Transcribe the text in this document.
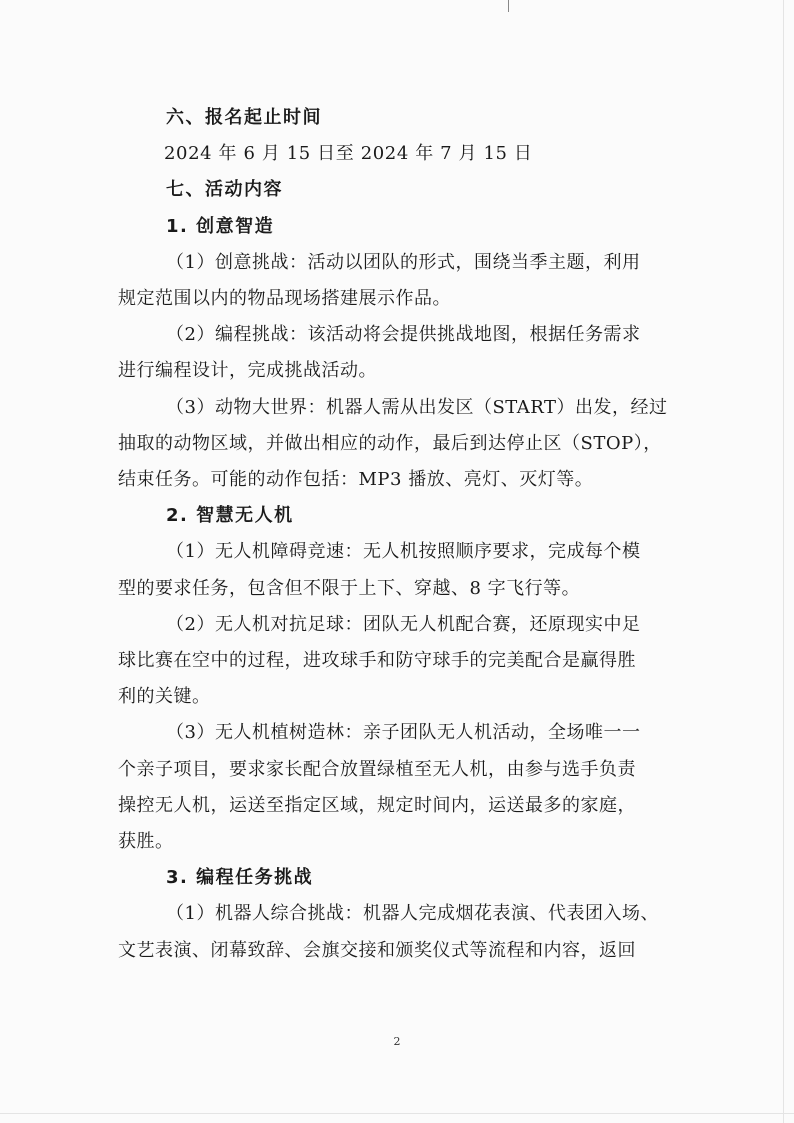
六、报名起止时间
2024 年 6 月 15 日至 2024 年 7 月 15 日
七、活动内容
1. 创意智造
（1）创意挑战：活动以团队的形式，围绕当季主题，利用
规定范围以内的物品现场搭建展示作品。
（2）编程挑战：该活动将会提供挑战地图，根据任务需求
进行编程设计，完成挑战活动。
（3）动物大世界：机器人需从出发区（START）出发，经过
抽取的动物区域，并做出相应的动作，最后到达停止区（STOP），
结束任务。可能的动作包括：MP3 播放、亮灯、灭灯等。
2. 智慧无人机
（1）无人机障碍竞速：无人机按照顺序要求，完成每个模
型的要求任务，包含但不限于上下、穿越、8 字飞行等。
（2）无人机对抗足球：团队无人机配合赛，还原现实中足
球比赛在空中的过程，进攻球手和防守球手的完美配合是赢得胜
利的关键。
（3）无人机植树造林：亲子团队无人机活动，全场唯一一
个亲子项目，要求家长配合放置绿植至无人机，由参与选手负责
操控无人机，运送至指定区域，规定时间内，运送最多的家庭，
获胜。
3. 编程任务挑战
（1）机器人综合挑战：机器人完成烟花表演、代表团入场、
文艺表演、闭幕致辞、会旗交接和颁奖仪式等流程和内容，返回
2
